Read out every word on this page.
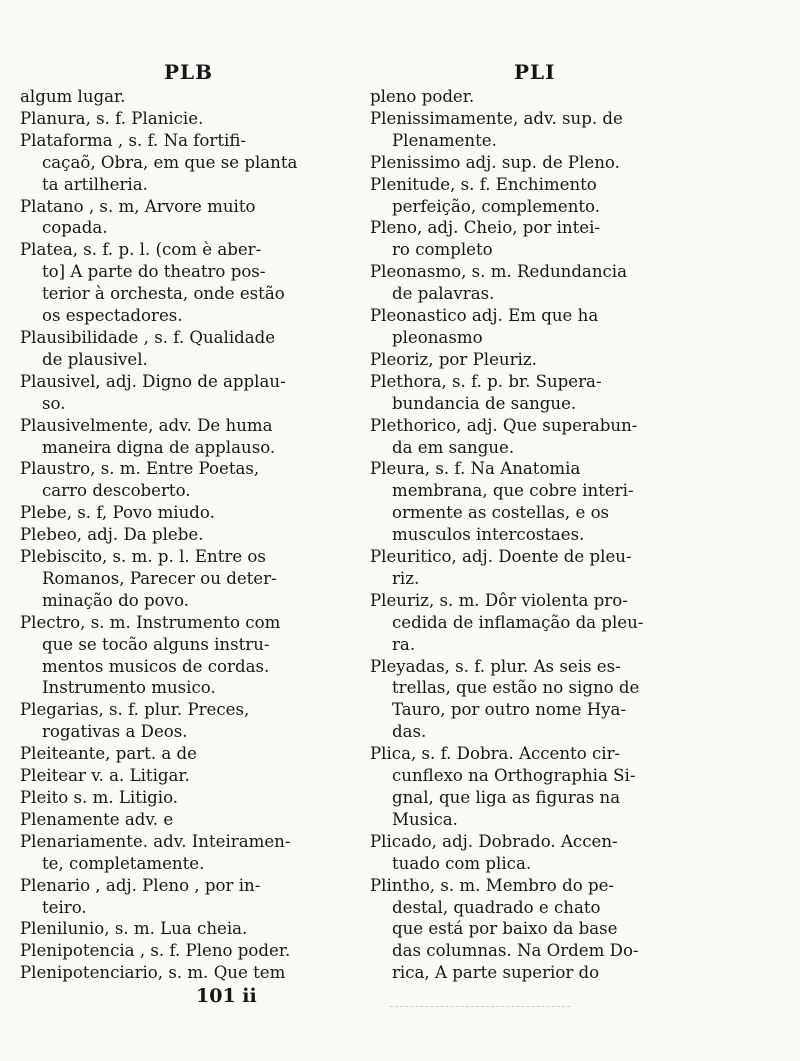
PLB	PLI
algum lugar.
Planura, s. f. Planicie.
Plataforma , s. f. Na fortifi-
caçaõ, Obra, em que se planta
ta artilheria.
Platano , s. m, Arvore muito
copada.
Platea, s. f. p. l. (com è aber-
to] A parte do theatro pos-
terior à orchesta, onde estão
os espectadores.
Plausibilidade , s. f. Qualidade
de plausivel.
Plausivel, adj. Digno de applau-
so.
Plausivelmente, adv. De huma
maneira digna de applauso.
Plaustro, s. m. Entre Poetas,
carro descoberto.
Plebe, s. f, Povo miudo.
Plebeo, adj. Da plebe.
Plebiscito, s. m. p. l. Entre os
Romanos, Parecer ou deter-
minação do povo.
Plectro, s. m. Instrumento com
que se tocão alguns instru-
mentos musicos de cordas.
Instrumento musico.
Plegarias, s. f. plur. Preces,
rogativas a Deos.
Pleiteante, part. a de
Pleitear v. a. Litigar.
Pleito s. m. Litigio.
Plenamente adv. e
Plenariamente. adv. Inteiramen-
te, completamente.
Plenario , adj. Pleno , por in-
teiro.
Plenilunio, s. m. Lua cheia.
Plenipotencia , s. f. Pleno poder.
Plenipotenciario, s. m. Que tem
pleno poder.
Plenissimamente, adv. sup. de
Plenamente.
Plenissimo adj. sup. de Pleno.
Plenitude, s. f. Enchimento
perfeição, complemento.
Pleno, adj. Cheio, por intei-
ro completo
Pleonasmo, s. m. Redundancia
de palavras.
Pleonastico adj. Em que ha
pleonasmo
Pleoriz, por Pleuriz.
Plethora, s. f. p. br. Supera-
bundancia de sangue.
Plethorico, adj. Que superabun-
da em sangue.
Pleura, s. f. Na Anatomia
membrana, que cobre interi-
ormente as costellas, e os
musculos intercostaes.
Pleuritico, adj. Doente de pleu-
riz.
Pleuriz, s. m. Dôr violenta pro-
cedida de inflamação da pleu-
ra.
Pleyadas, s. f. plur. As seis es-
trellas, que estão no signo de
Tauro, por outro nome Hya-
das.
Plica, s. f. Dobra. Accento cir-
cunflexo na Orthographia Si-
gnal, que liga as figuras na
Musica.
Plicado, adj. Dobrado. Accen-
tuado com plica.
Plintho, s. m. Membro do pe-
destal, quadrado e chato
que está por baixo da base
das columnas. Na Ordem Do-
rica, A parte superior do
101 ii
